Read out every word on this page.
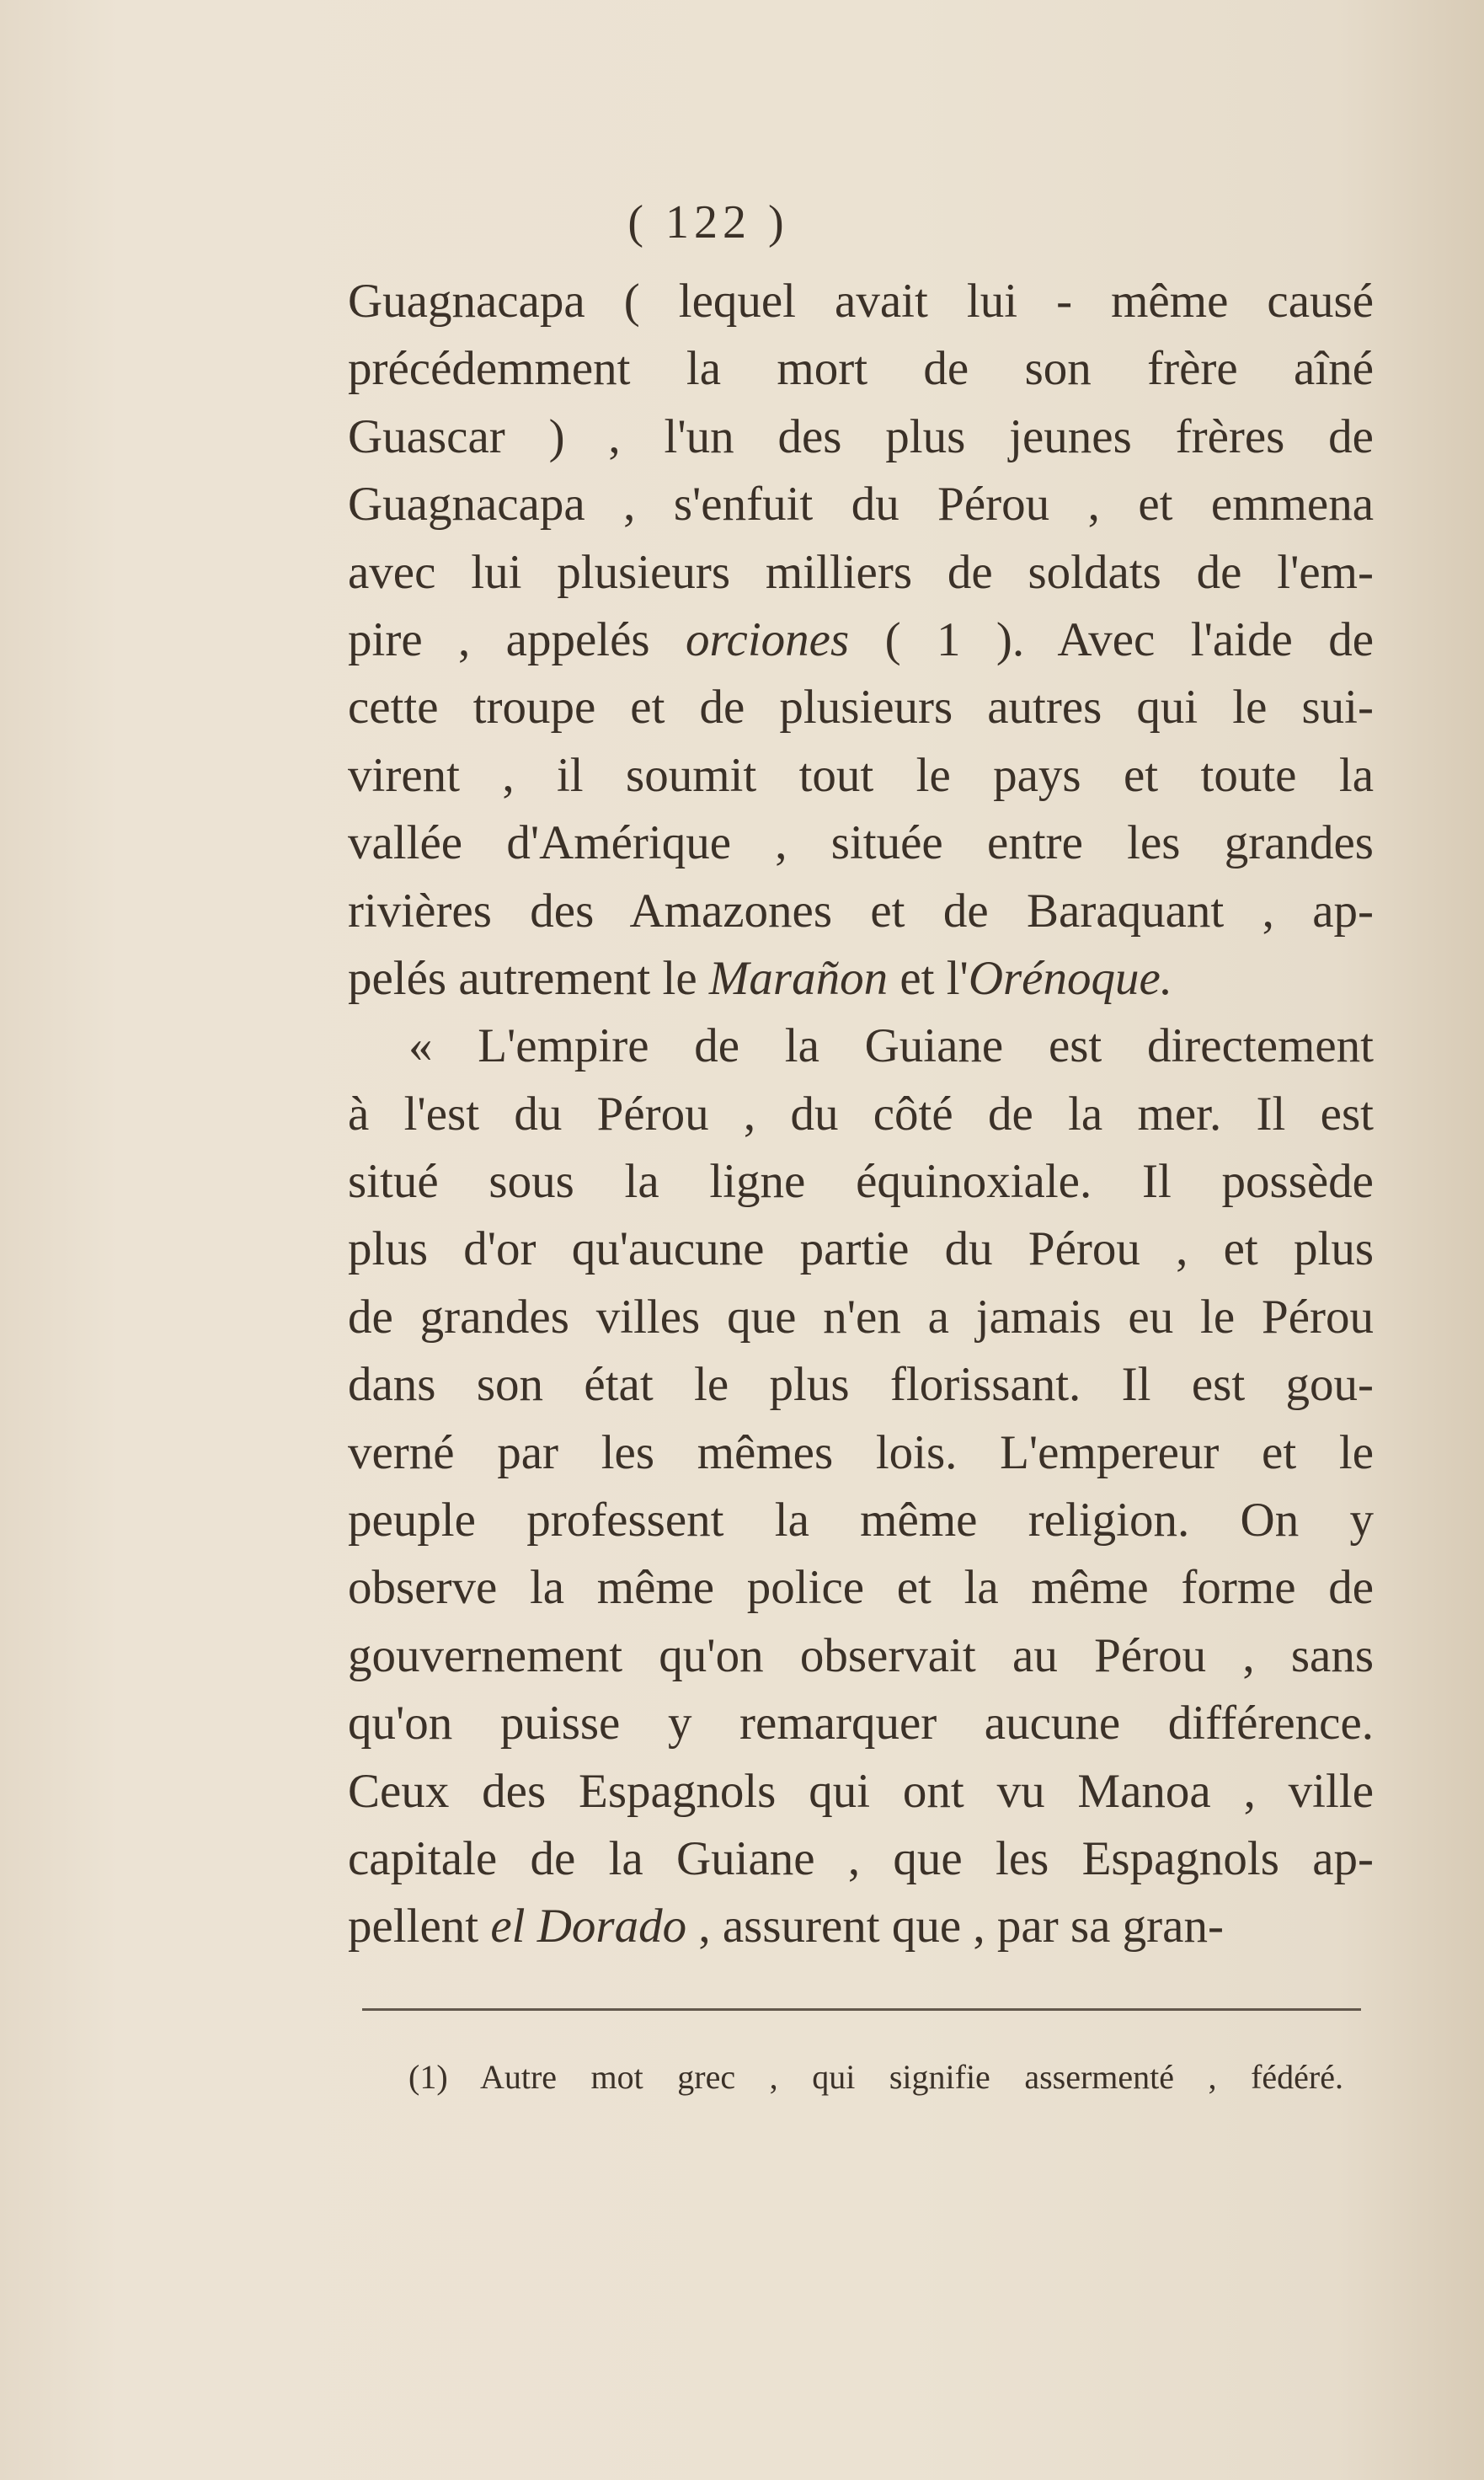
( 122 )
Guagnacapa ( lequel avait lui - même causé
précédemment la mort de son frère aîné
Guascar ) , l'un des plus jeunes frères de
Guagnacapa , s'enfuit du Pérou , et emmena
avec lui plusieurs milliers de soldats de l'em-
pire , appelés orciones ( 1 ). Avec l'aide de
cette troupe et de plusieurs autres qui le sui-
virent , il soumit tout le pays et toute la
vallée d'Amérique , située entre les grandes
rivières des Amazones et de Baraquant , ap-
pelés autrement le Marañon et l'Orénoque.
« L'empire de la Guiane est directement
à l'est du Pérou , du côté de la mer. Il est
situé sous la ligne équinoxiale. Il possède
plus d'or qu'aucune partie du Pérou , et plus
de grandes villes que n'en a jamais eu le Pérou
dans son état le plus florissant. Il est gou-
verné par les mêmes lois. L'empereur et le
peuple professent la même religion. On y
observe la même police et la même forme de
gouvernement qu'on observait au Pérou , sans
qu'on puisse y remarquer aucune différence.
Ceux des Espagnols qui ont vu Manoa , ville
capitale de la Guiane , que les Espagnols ap-
pellent el Dorado , assurent que , par sa gran-
(1) Autre mot grec , qui signifie assermenté , fédéré.
